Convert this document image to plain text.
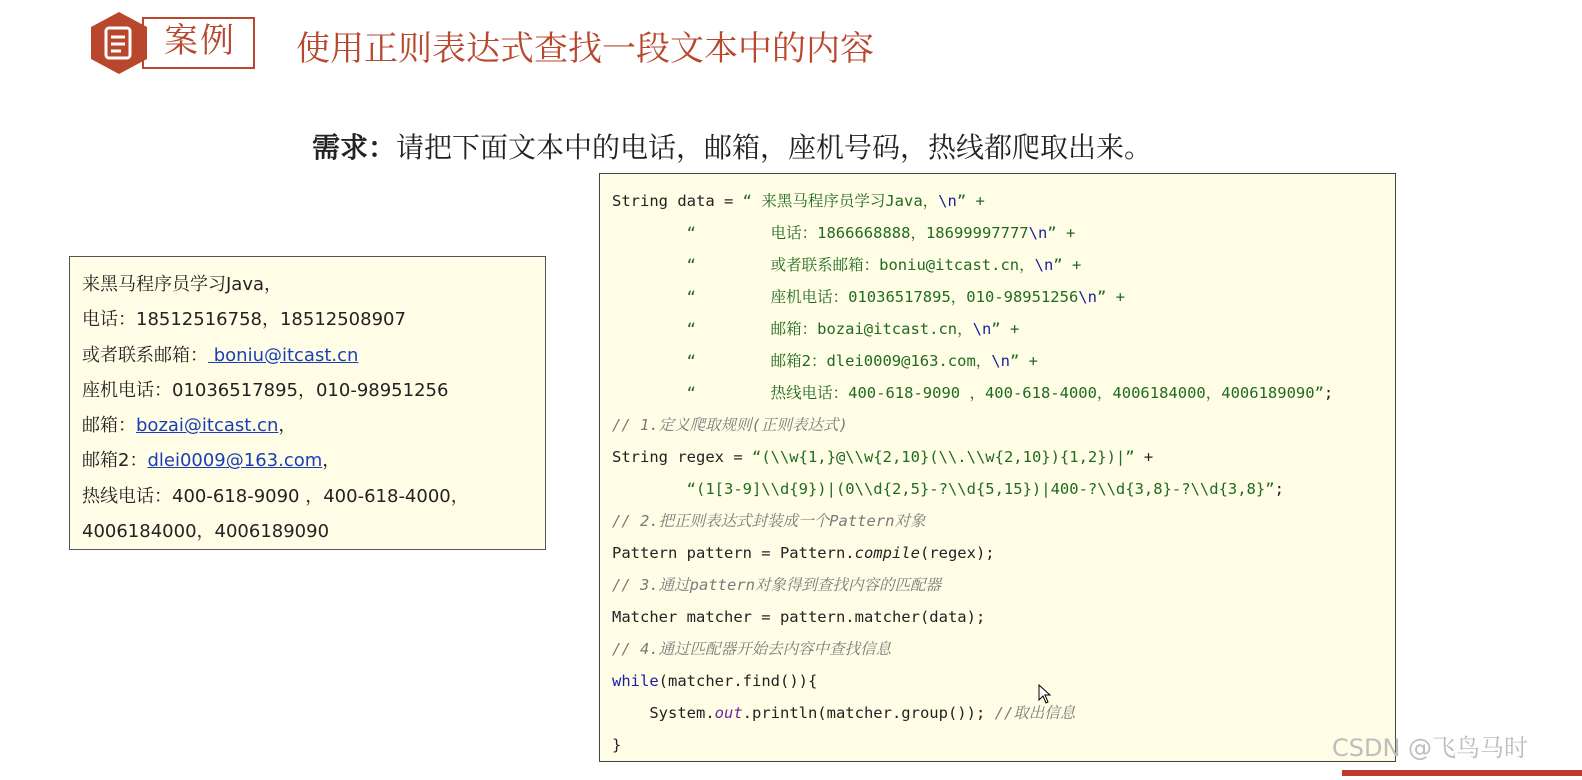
案例 使用正则表达式查找一段文本中的内容
需求：请把下面文本中的电话，邮箱，座机号码，热线都爬取出来。
来黑马程序员学习Java，
电话：18512516758，18512508907
或者联系邮箱： boniu@itcast.cn
座机电话：01036517895，010-98951256
邮箱：bozai@itcast.cn，
邮箱2：dlei0009@163.com，
热线电话：400-618-9090 ，400-618-4000，
4006184000，4006189090
String data = “ 来黑马程序员学习Java，\n” +
“        电话：1866668888，18699997777\n” +
“        或者联系邮箱：boniu@itcast.cn，\n” +
“        座机电话：01036517895，010-98951256\n” +
“        邮箱：bozai@itcast.cn，\n” +
“        邮箱2：dlei0009@163.com，\n” +
“        热线电话：400-618-9090 ，400-618-4000，4006184000，4006189090”;
// 1.定义爬取规则(正则表达式)
String regex = “(\\w{1,}@\\w{2,10}(\\.\\w{2,10}){1,2})|” +
“(1[3-9]\\d{9})|(0\\d{2,5}-?\\d{5,15})|400-?\\d{3,8}-?\\d{3,8}”;
// 2.把正则表达式封装成一个Pattern对象
Pattern pattern = Pattern.compile(regex);
// 3.通过pattern对象得到查找内容的匹配器
Matcher matcher = pattern.matcher(data);
// 4.通过匹配器开始去内容中查找信息
while(matcher.find()){
System.out.println(matcher.group()); //取出信息
}	CSDN @飞鸟马时
